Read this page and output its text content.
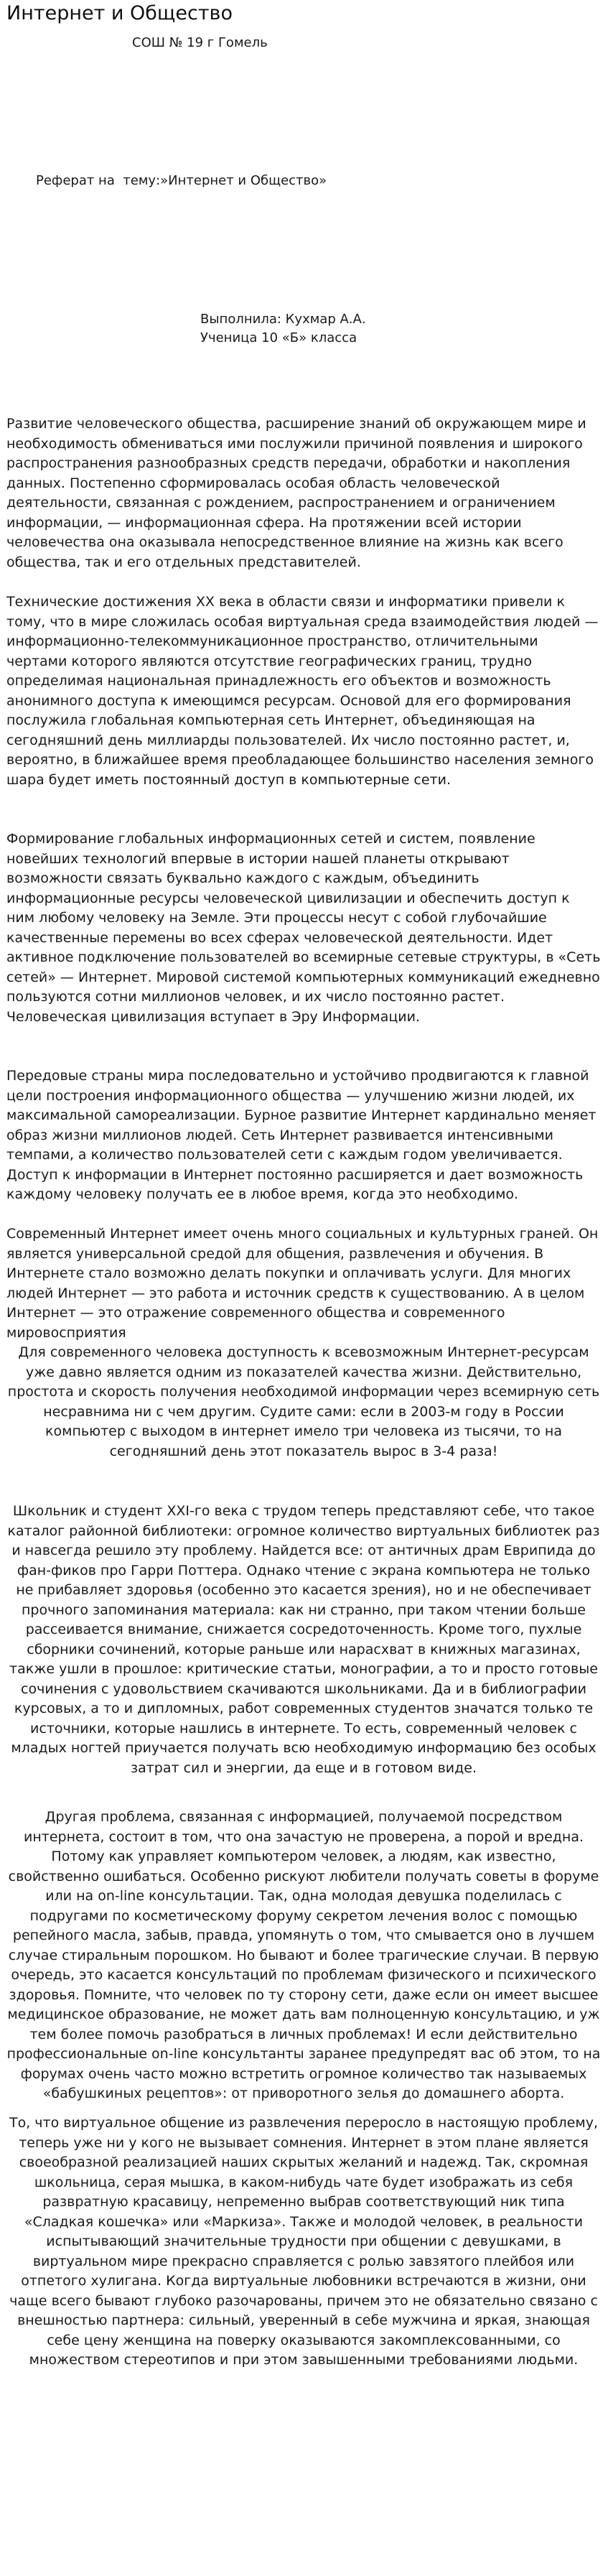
Интернет и Общество
СОШ № 19 г Гомель
Реферат на  тему:»Интернет и Общество»
Выполнила: Кухмар А.А.
Ученица 10 «Б» класса

Развитие человеческого общества, расширение знаний об окружающем мире и необходимость обмениваться ими послужили причиной появления и широкого распространения разнообразных средств передачи, обработки и накопления данных. Постепенно сформировалась особая область человеческой деятельности, связанная с рождением, распространением и ограничением информации, — информационная сфера. На протяжении всей истории человечества она оказывала непосредственное влияние на жизнь как всего общества, так и его отдельных представителей.

Технические достижения XX века в области связи и информатики привели к тому, что в мире сложилась особая виртуальная среда взаимодействия людей — информационно-телекоммуникационное пространство, отличительными чертами которого являются отсутствие географических границ, трудно определимая национальная принадлежность его объектов и возможность анонимного доступа к имеющимся ресурсам. Основой для его формирования послужила глобальная компьютерная сеть Интернет, объединяющая на сегодняшний день миллиарды пользователей. Их число постоянно растет, и, вероятно, в ближайшее время преобладающее большинство населения земного шара будет иметь постоянный доступ в компьютерные сети.

Формирование глобальных информационных сетей и систем, появление новейших технологий впервые в истории нашей планеты открывают возможности связать буквально каждого с каждым, объединить информационные ресурсы человеческой цивилизации и обеспечить доступ к ним любому человеку на Земле. Эти процессы несут с собой глубочайшие качественные перемены во всех сферах человеческой деятельности. Идет активное подключение пользователей во всемирные сетевые структуры, в «Сеть сетей» — Интернет. Мировой системой компьютерных коммуникаций ежедневно пользуются сотни миллионов человек, и их число постоянно растет. Человеческая цивилизация вступает в Эру Информации.

Передовые страны мира последовательно и устойчиво продвигаются к главной цели построения информационного общества — улучшению жизни людей, их максимальной самореализации. Бурное развитие Интернет кардинально меняет образ жизни миллионов людей. Сеть Интернет развивается интенсивными темпами, а количество пользователей сети с каждым годом увеличивается. Доступ к информации в Интернет постоянно расширяется и дает возможность каждому человеку получать ее в любое время, когда это необходимо.

Современный Интернет имеет очень много социальных и культурных граней. Он является универсальной средой для общения, развлечения и обучения. В Интернете стало возможно делать покупки и оплачивать услуги. Для многих людей Интернет — это работа и источник средств к существованию. А в целом Интернет — это отражение современного общества и современного мировосприятия

Для современного человека доступность к всевозможным Интернет-ресурсам уже давно является одним из показателей качества жизни. Действительно, простота и скорость получения необходимой информации через всемирную сеть несравнима ни с чем другим. Судите сами: если в 2003-м году в России компьютер с выходом в интернет имело три человека из тысячи, то на сегодняшний день этот показатель вырос в 3-4 раза!

Школьник и студент XXI-го века с трудом теперь представляют себе, что такое каталог районной библиотеки: огромное количество виртуальных библиотек раз и навсегда решило эту проблему. Найдется все: от античных драм Еврипида до фан-фиков про Гарри Поттера. Однако чтение с экрана компьютера не только не прибавляет здоровья (особенно это касается зрения), но и не обеспечивает прочного запоминания материала: как ни странно, при таком чтении больше рассеивается внимание, снижается сосредоточенность. Кроме того, пухлые сборники сочинений, которые раньше или нарасхват в книжных магазинах, также ушли в прошлое: критические статьи, монографии, а то и просто готовые сочинения с удовольствием скачиваются школьниками. Да и в библиографии курсовых, а то и дипломных, работ современных студентов значатся только те источники, которые нашлись в интернете. То есть, современный человек с младых ногтей приучается получать всю необходимую информацию без особых затрат сил и энергии, да еще и в готовом виде.

Другая проблема, связанная с информацией, получаемой посредством интернета, состоит в том, что она зачастую не проверена, а порой и вредна. Потому как управляет компьютером человек, а людям, как известно, свойственно ошибаться. Особенно рискуют любители получать советы в форуме или на on-line консультации. Так, одна молодая девушка поделилась с подругами по косметическому форуму секретом лечения волос с помощью репейного масла, забыв, правда, упомянуть о том, что смывается оно в лучшем случае стиральным порошком. Но бывают и более трагические случаи. В первую очередь, это касается консультаций по проблемам физического и психического здоровья. Помните, что человек по ту сторону сети, даже если он имеет высшее медицинское образование, не может дать вам полноценную консультацию, и уж тем более помочь разобраться в личных проблемах! И если действительно профессиональные on-line консультанты заранее предупредят вас об этом, то на форумах очень часто можно встретить огромное количество так называемых «бабушкиных рецептов»: от приворотного зелья до домашнего аборта.

То, что виртуальное общение из развлечения переросло в настоящую проблему, теперь уже ни у кого не вызывает сомнения. Интернет в этом плане является своеобразной реализацией наших скрытых желаний и надежд. Так, скромная школьница, серая мышка, в каком-нибудь чате будет изображать из себя развратную красавицу, непременно выбрав соответствующий ник типа «Сладкая кошечка» или «Маркиза». Также и молодой человек, в реальности испытывающий значительные трудности при общении с девушками, в виртуальном мире прекрасно справляется с ролью завзятого плейбоя или отпетого хулигана. Когда виртуальные любовники встречаются в жизни, они чаще всего бывают глубоко разочарованы, причем это не обязательно связано с внешностью партнера: сильный, уверенный в себе мужчина и яркая, знающая себе цену женщина на поверку оказываются закомплексованными, со множеством стереотипов и при этом завышенными требованиями людьми.
